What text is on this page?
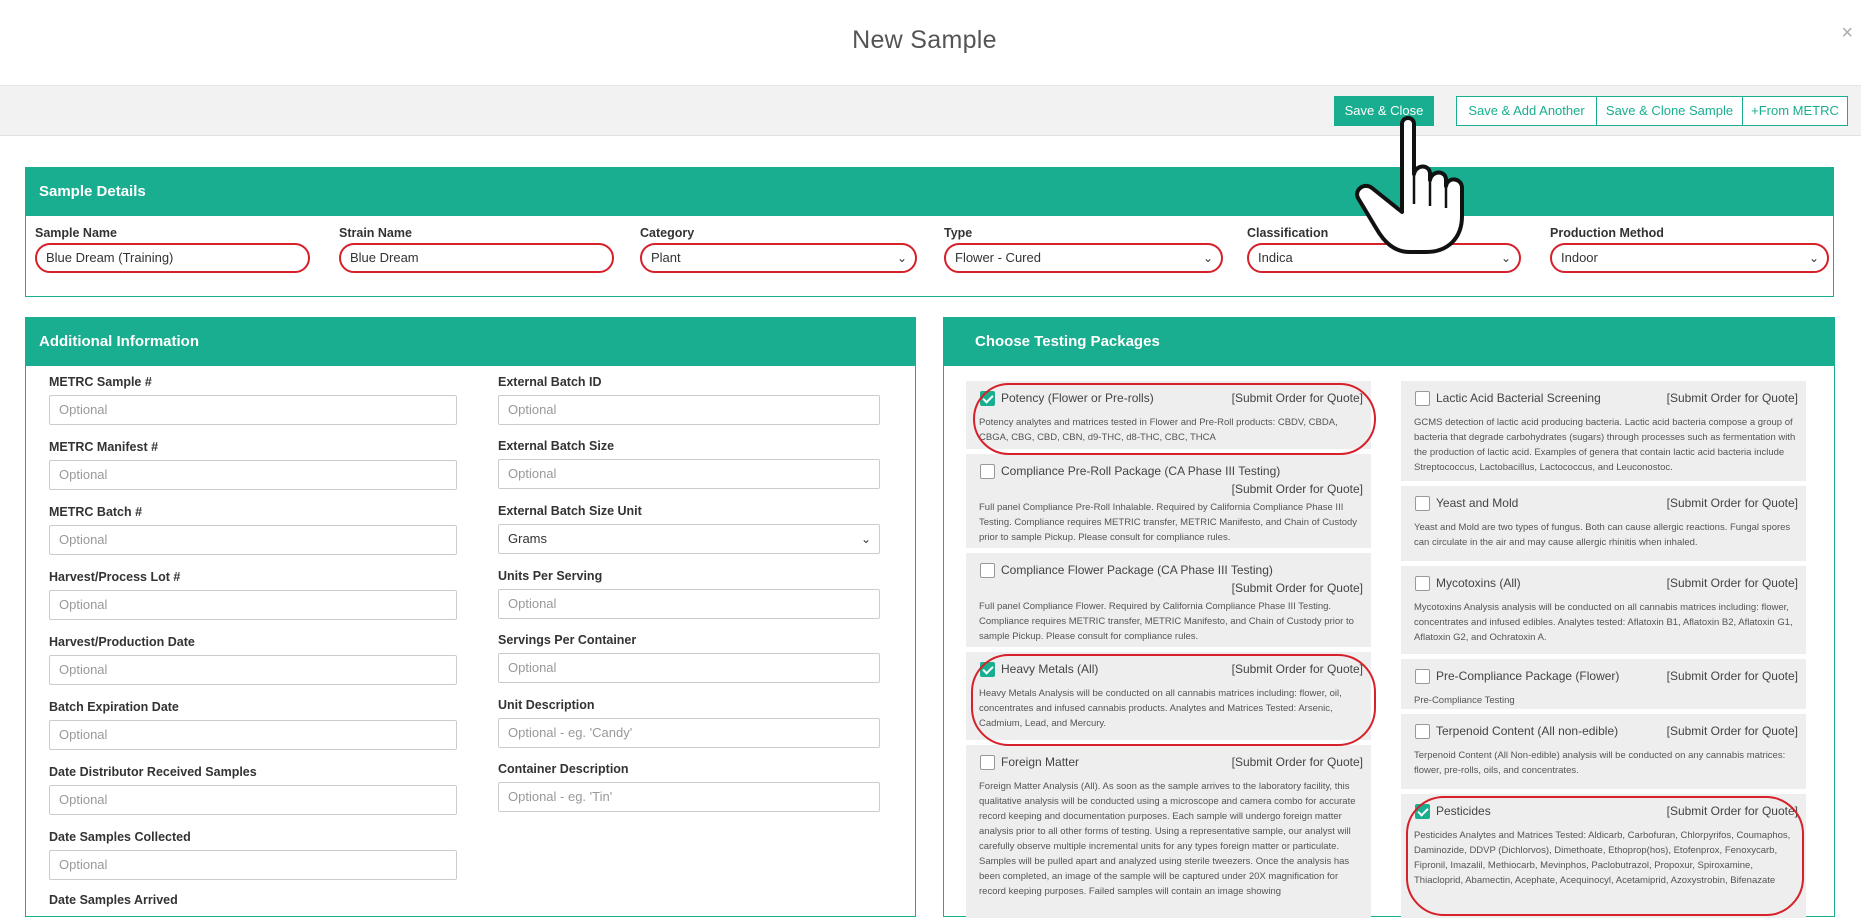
New Sample	×
Save & Close	Save & Add Another	Save & Clone Sample	+From METRC
Sample Details
Sample Name
Blue Dream (Training)
Strain Name
Blue Dream
Category
Plant	⌄
Type
Flower - Cured	⌄
Classification
Indica	⌄
Production Method
Indoor	⌄
Additional Information
METRC Sample #
Optional
METRC Manifest #
Optional
METRC Batch #
Optional
Harvest/Process Lot #
Optional
Harvest/Production Date
Optional
Batch Expiration Date
Optional
Date Distributor Received Samples
Optional
Date Samples Collected
Optional
Date Samples Arrived
External Batch ID
Optional
External Batch Size
Optional
External Batch Size Unit
Grams	⌄
Units Per Serving
Optional
Servings Per Container
Optional
Unit Description
Optional - eg. 'Candy'
Container Description
Optional - eg. 'Tin'
Choose Testing Packages
Potency (Flower or Pre-rolls)	[Submit Order for Quote]
Potency analytes and matrices tested in Flower and Pre-Roll products: CBDV, CBDA, CBGA, CBG, CBD, CBN, d9-THC, d8-THC, CBC, THCA
Compliance Pre-Roll Package (CA Phase III Testing)
[Submit Order for Quote]
Full panel Compliance Pre-Roll Inhalable. Required by California Compliance Phase III Testing. Compliance requires METRIC transfer, METRIC Manifesto, and Chain of Custody prior to sample Pickup. Please consult for compliance rules.
Compliance Flower Package (CA Phase III Testing)
[Submit Order for Quote]
Full panel Compliance Flower. Required by California Compliance Phase III Testing. Compliance requires METRIC transfer, METRIC Manifesto, and Chain of Custody prior to sample Pickup. Please consult for compliance rules.
Heavy Metals (All)	[Submit Order for Quote]
Heavy Metals Analysis will be conducted on all cannabis matrices including: flower, oil, concentrates and infused cannabis products. Analytes and Matrices Tested: Arsenic, Cadmium, Lead, and Mercury.
Foreign Matter	[Submit Order for Quote]
Foreign Matter Analysis (All). As soon as the sample arrives to the laboratory facility, this qualitative analysis will be conducted using a microscope and camera combo for accurate record keeping and documentation purposes. Each sample will undergo foreign matter analysis prior to all other forms of testing. Using a representative sample, our analyst will carefully observe multiple incremental units for any types foreign matter or particulate. Samples will be pulled apart and analyzed using sterile tweezers. Once the analysis has been completed, an image of the sample will be captured under 20X magnification for record keeping purposes. Failed samples will contain an image showing
Lactic Acid Bacterial Screening	[Submit Order for Quote]
GCMS detection of lactic acid producing bacteria. Lactic acid bacteria compose a group of bacteria that degrade carbohydrates (sugars) through processes such as fermentation with the production of lactic acid. Examples of genera that contain lactic acid bacteria include Streptococcus, Lactobacillus, Lactococcus, and Leuconostoc.
Yeast and Mold	[Submit Order for Quote]
Yeast and Mold are two types of fungus. Both can cause allergic reactions. Fungal spores can circulate in the air and may cause allergic rhinitis when inhaled.
Mycotoxins (All)	[Submit Order for Quote]
Mycotoxins Analysis analysis will be conducted on all cannabis matrices including: flower, concentrates and infused edibles. Analytes tested: Aflatoxin B1, Aflatoxin B2, Aflatoxin G1, Aflatoxin G2, and Ochratoxin A.
Pre-Compliance Package (Flower)	[Submit Order for Quote]
Pre-Compliance Testing
Terpenoid Content (All non-edible)	[Submit Order for Quote]
Terpenoid Content (All Non-edible) analysis will be conducted on any cannabis matrices: flower, pre-rolls, oils, and concentrates.
Pesticides	[Submit Order for Quote]
Pesticides Analytes and Matrices Tested: Aldicarb, Carbofuran, Chlorpyrifos, Coumaphos, Daminozide, DDVP (Dichlorvos), Dimethoate, Ethoprop(hos), Etofenprox, Fenoxycarb, Fipronil, Imazalil, Methiocarb, Mevinphos, Paclobutrazol, Propoxur, Spiroxamine, Thiacloprid, Abamectin, Acephate, Acequinocyl, Acetamiprid, Azoxystrobin, Bifenazate
